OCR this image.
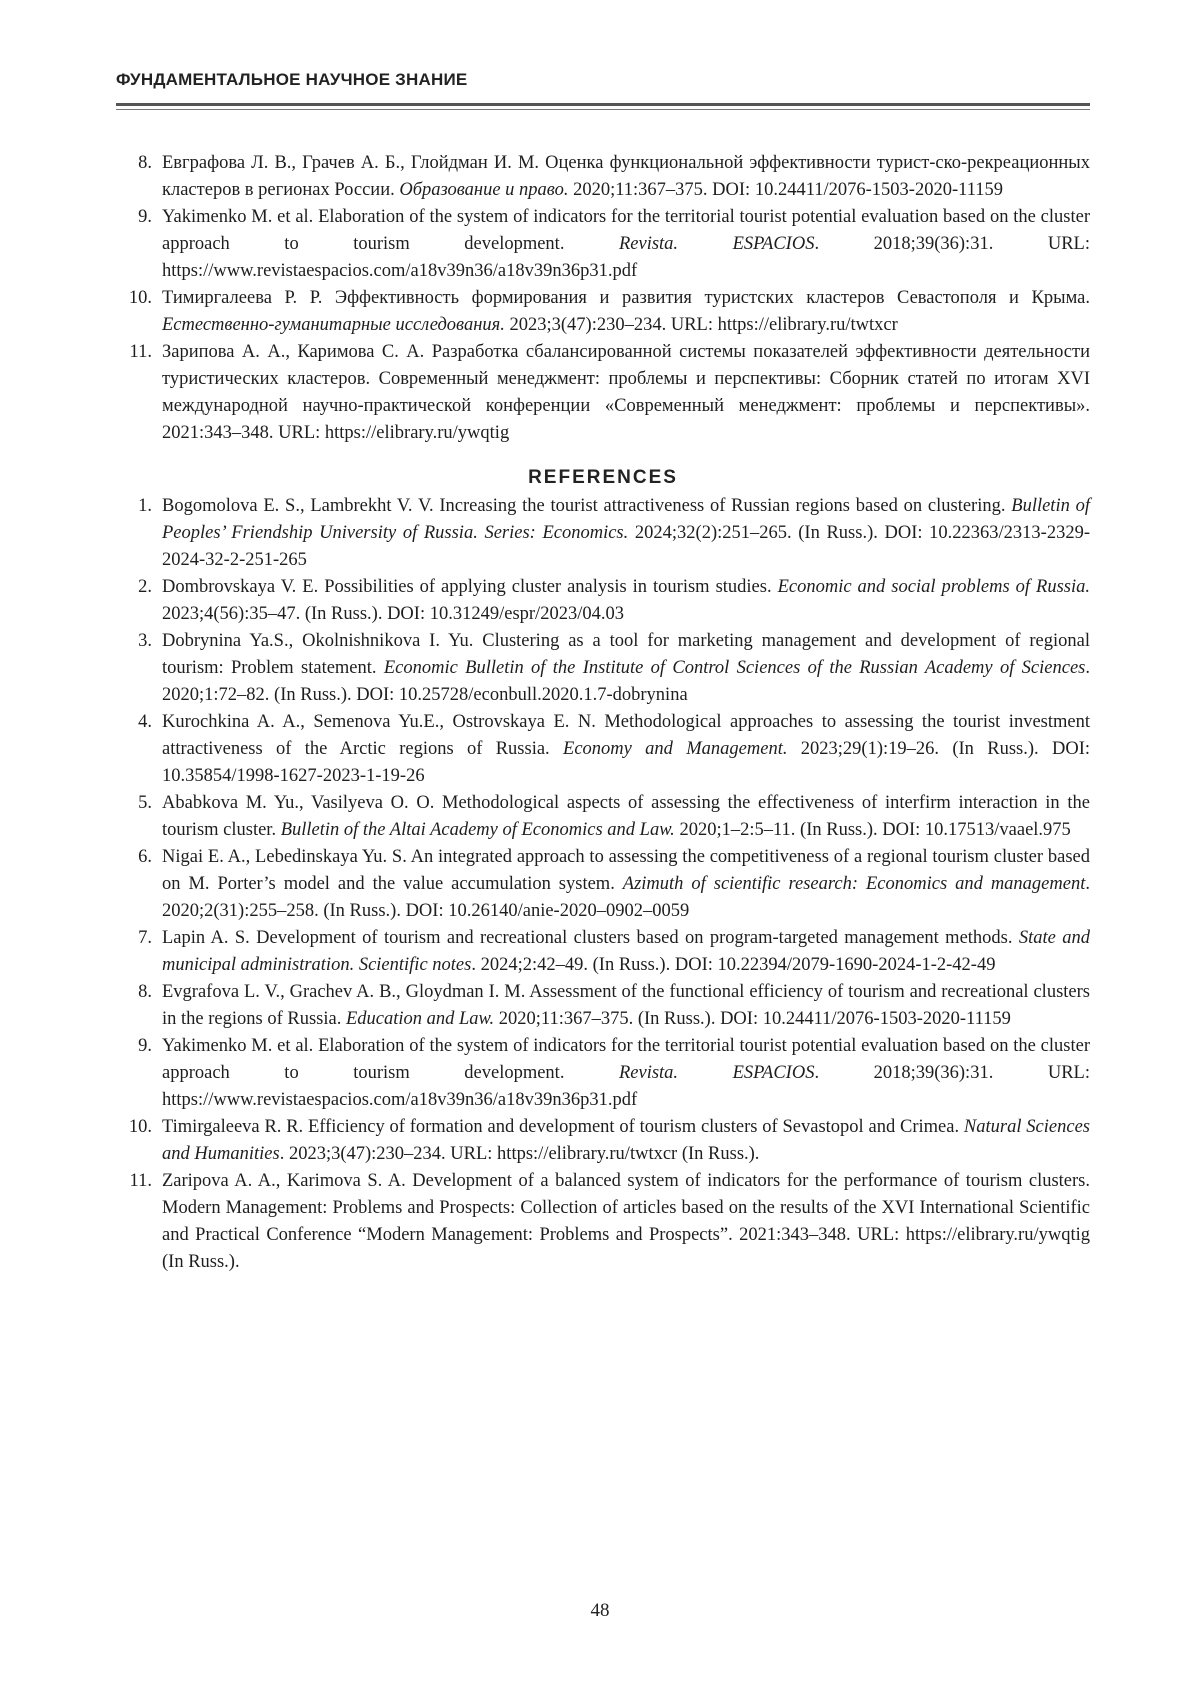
ФУНДАМЕНТАЛЬНОЕ НАУЧНОЕ ЗНАНИЕ
8. Евграфова Л. В., Грачев А. Б., Глойдман И. М. Оценка функциональной эффективности турист-ско-рекреационных кластеров в регионах России. Образование и право. 2020;11:367–375. DOI: 10.24411/2076-1503-2020-11159
9. Yakimenko M. et al. Elaboration of the system of indicators for the territorial tourist potential evaluation based on the cluster approach to tourism development. Revista. ESPACIOS. 2018;39(36):31. URL: https://www.revistaespacios.com/a18v39n36/a18v39n36p31.pdf
10. Тимиргалеева Р. Р. Эффективность формирования и развития туристских кластеров Севастополя и Крыма. Естественно-гуманитарные исследования. 2023;3(47):230–234. URL: https://elibrary.ru/twtxcr
11. Зарипова А. А., Каримова С. А. Разработка сбалансированной системы показателей эффективности деятельности туристических кластеров. Современный менеджмент: проблемы и перспективы: Сборник статей по итогам XVI международной научно-практической конференции «Современный менеджмент: проблемы и перспективы». 2021:343–348. URL: https://elibrary.ru/ywqtig
REFERENCES
1. Bogomolova E. S., Lambrekht V. V. Increasing the tourist attractiveness of Russian regions based on clustering. Bulletin of Peoples’ Friendship University of Russia. Series: Economics. 2024;32(2):251–265. (In Russ.). DOI: 10.22363/2313-2329-2024-32-2-251-265
2. Dombrovskaya V. E. Possibilities of applying cluster analysis in tourism studies. Economic and social problems of Russia. 2023;4(56):35–47. (In Russ.). DOI: 10.31249/espr/2023/04.03
3. Dobrynina Ya.S., Okolnishnikova I. Yu. Clustering as a tool for marketing management and development of regional tourism: Problem statement. Economic Bulletin of the Institute of Control Sciences of the Russian Academy of Sciences. 2020;1:72–82. (In Russ.). DOI: 10.25728/econbull.2020.1.7-dobrynina
4. Kurochkina A. A., Semenova Yu.E., Ostrovskaya E. N. Methodological approaches to assessing the tourist investment attractiveness of the Arctic regions of Russia. Economy and Management. 2023;29(1):19–26. (In Russ.). DOI: 10.35854/1998-1627-2023-1-19-26
5. Ababkova M. Yu., Vasilyeva O. O. Methodological aspects of assessing the effectiveness of interfirm interaction in the tourism cluster. Bulletin of the Altai Academy of Economics and Law. 2020;1–2:5–11. (In Russ.). DOI: 10.17513/vaael.975
6. Nigai E. A., Lebedinskaya Yu. S. An integrated approach to assessing the competitiveness of a regional tourism cluster based on M. Porter’s model and the value accumulation system. Azimuth of scientific research: Economics and management. 2020;2(31):255–258. (In Russ.). DOI: 10.26140/anie-2020–0902–0059
7. Lapin A. S. Development of tourism and recreational clusters based on program-targeted management methods. State and municipal administration. Scientific notes. 2024;2:42–49. (In Russ.). DOI: 10.22394/2079-1690-2024-1-2-42-49
8. Evgrafova L. V., Grachev A. B., Gloydman I. M. Assessment of the functional efficiency of tourism and recreational clusters in the regions of Russia. Education and Law. 2020;11:367–375. (In Russ.). DOI: 10.24411/2076-1503-2020-11159
9. Yakimenko M. et al. Elaboration of the system of indicators for the territorial tourist potential evaluation based on the cluster approach to tourism development. Revista. ESPACIOS. 2018;39(36):31. URL: https://www.revistaespacios.com/a18v39n36/a18v39n36p31.pdf
10. Timirgaleeva R. R. Efficiency of formation and development of tourism clusters of Sevastopol and Crimea. Natural Sciences and Humanities. 2023;3(47):230–234. URL: https://elibrary.ru/twtxcr (In Russ.).
11. Zaripova A. A., Karimova S. A. Development of a balanced system of indicators for the performance of tourism clusters. Modern Management: Problems and Prospects: Collection of articles based on the results of the XVI International Scientific and Practical Conference “Modern Management: Problems and Prospects”. 2021:343–348. URL: https://elibrary.ru/ywqtig (In Russ.).
48
